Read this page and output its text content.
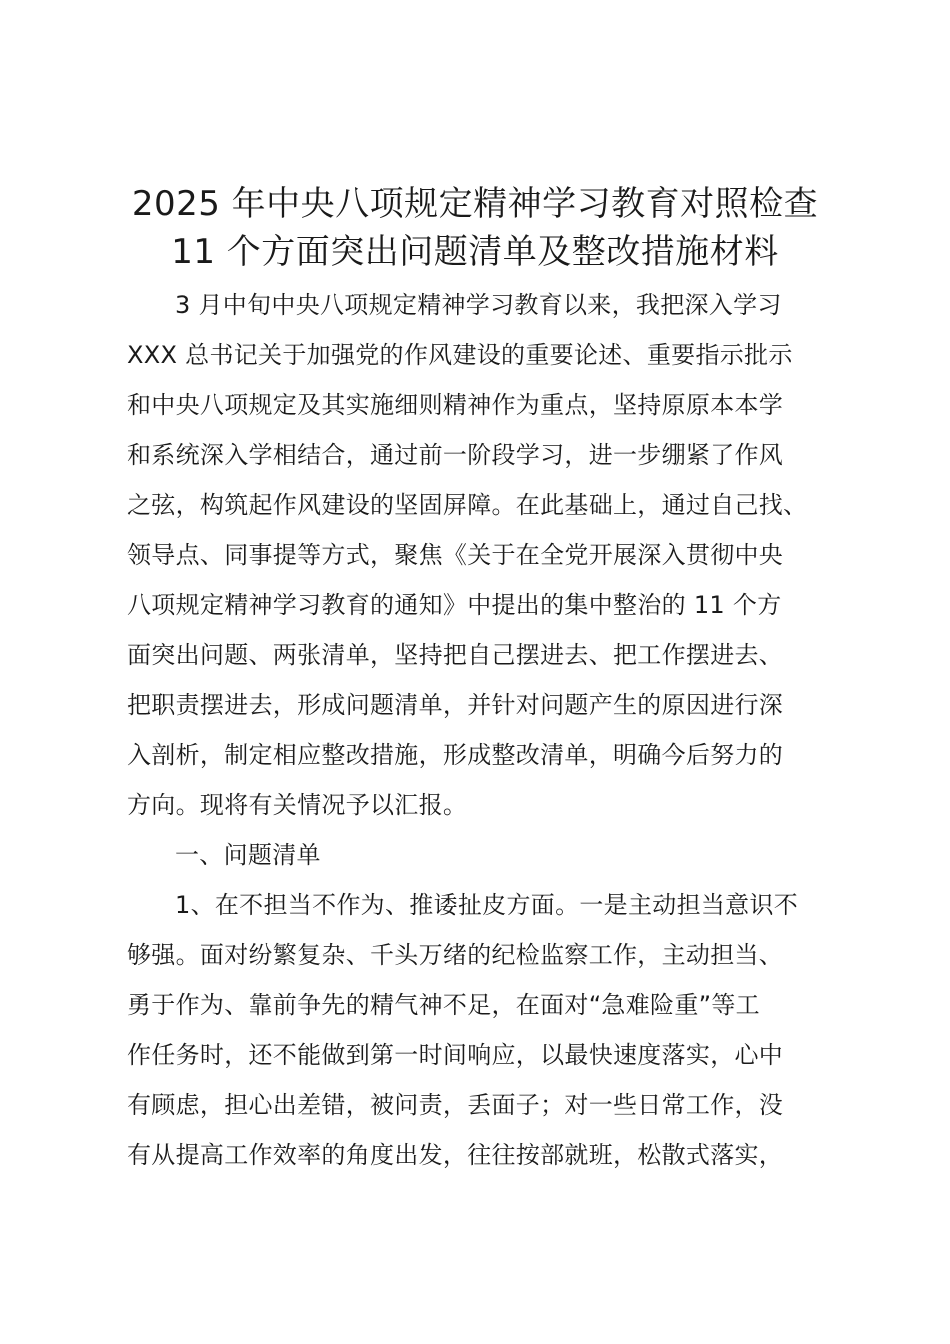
2025 年中央八项规定精神学习教育对照检查
11 个方面突出问题清单及整改措施材料

3 月中旬中央八项规定精神学习教育以来，我把深入学习

XXX 总书记关于加强党的作风建设的重要论述、重要指示批示

和中央八项规定及其实施细则精神作为重点，坚持原原本本学

和系统深入学相结合，通过前一阶段学习，进一步绷紧了作风

之弦，构筑起作风建设的坚固屏障。在此基础上，通过自己找、

领导点、同事提等方式，聚焦《关于在全党开展深入贯彻中央

八项规定精神学习教育的通知》中提出的集中整治的 11 个方

面突出问题、两张清单，坚持把自己摆进去、把工作摆进去、

把职责摆进去，形成问题清单，并针对问题产生的原因进行深

入剖析，制定相应整改措施，形成整改清单，明确今后努力的

方向。现将有关情况予以汇报。

一、问题清单

1、在不担当不作为、推诿扯皮方面。一是主动担当意识不

够强。面对纷繁复杂、千头万绪的纪检监察工作，主动担当、

勇于作为、靠前争先的精气神不足，在面对“急难险重”等工

作任务时，还不能做到第一时间响应，以最快速度落实，心中

有顾虑，担心出差错，被问责，丢面子；对一些日常工作，没

有从提高工作效率的角度出发，往往按部就班，松散式落实，
